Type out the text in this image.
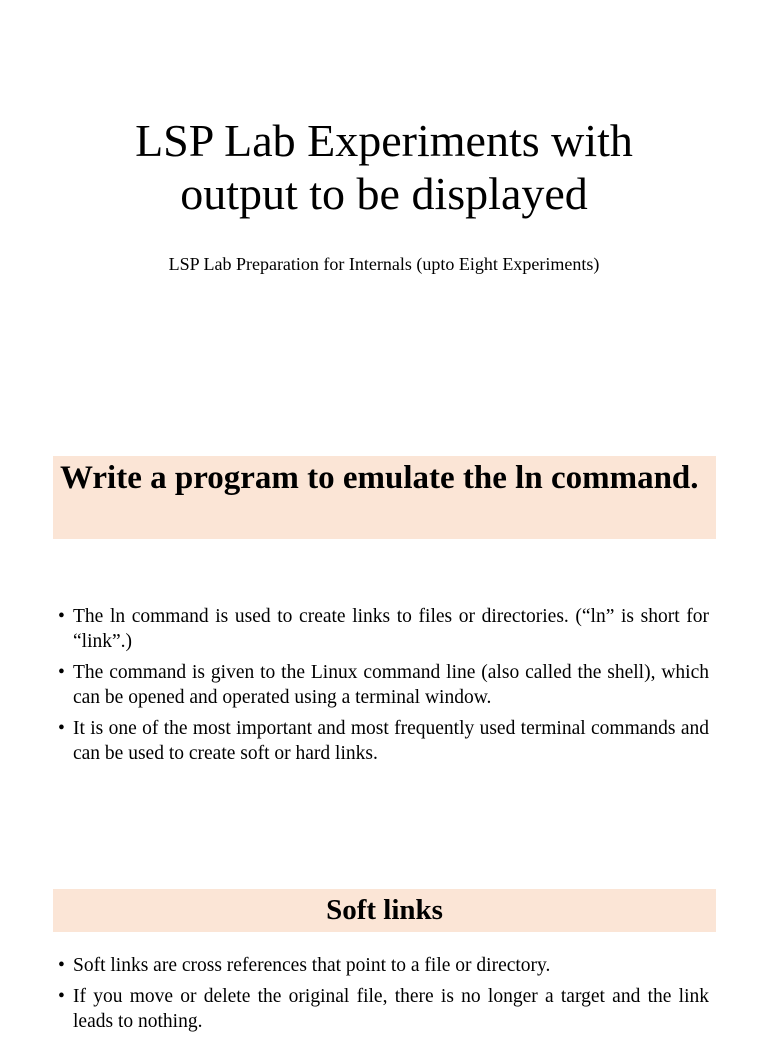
LSP Lab Experiments with
output to be displayed

LSP Lab Preparation for Internals (upto Eight Experiments)

Write a program to emulate the ln command.
• The ln command is used to create links to files or directories. (“ln” is short for “link”.)
• The command is given to the Linux command line (also called the shell), which can be opened and operated using a terminal window.
• It is one of the most important and most frequently used terminal commands and can be used to create soft or hard links.
Soft links
• Soft links are cross references that point to a file or directory.
• If you move or delete the original file, there is no longer a target and the link leads to nothing.
